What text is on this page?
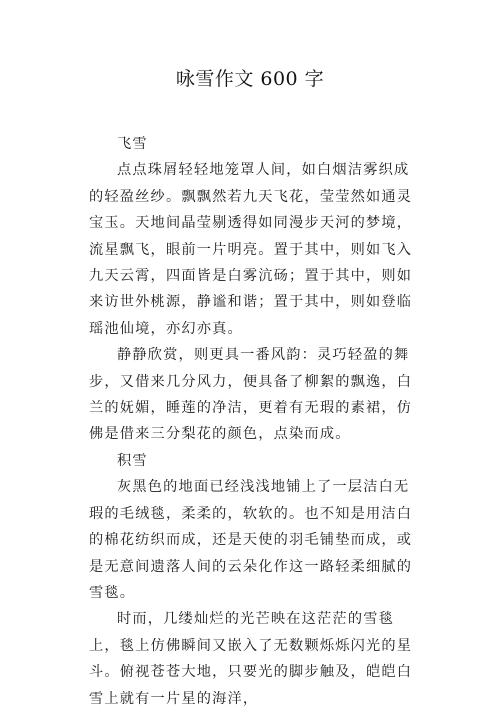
咏雪作文 600 字

飞雪

点点珠屑轻轻地笼罩人间，如白烟洁雾织成的轻盈丝纱。飘飘然若九天飞花，莹莹然如通灵宝玉。天地间晶莹剔透得如同漫步天河的梦境，流星飘飞，眼前一片明亮。置于其中，则如飞入九天云霄，四面皆是白雾沆砀；置于其中，则如来访世外桃源，静谧和谐；置于其中，则如登临瑶池仙境，亦幻亦真。

静静欣赏，则更具一番风韵：灵巧轻盈的舞步，又借来几分风力，便具备了柳絮的飘逸，白兰的妩媚，睡莲的净洁，更着有无瑕的素裙，仿佛是借来三分梨花的颜色，点染而成。

积雪

灰黑色的地面已经浅浅地铺上了一层洁白无瑕的毛绒毯，柔柔的，软软的。也不知是用洁白的棉花纺织而成，还是天使的羽毛铺垫而成，或是无意间遗落人间的云朵化作这一路轻柔细腻的雪毯。

时而，几缕灿烂的光芒映在这茫茫的雪毯上，毯上仿佛瞬间又嵌入了无数颗烁烁闪光的星斗。俯视苍苍大地，只要光的脚步触及，皑皑白雪上就有一片星的海洋，
